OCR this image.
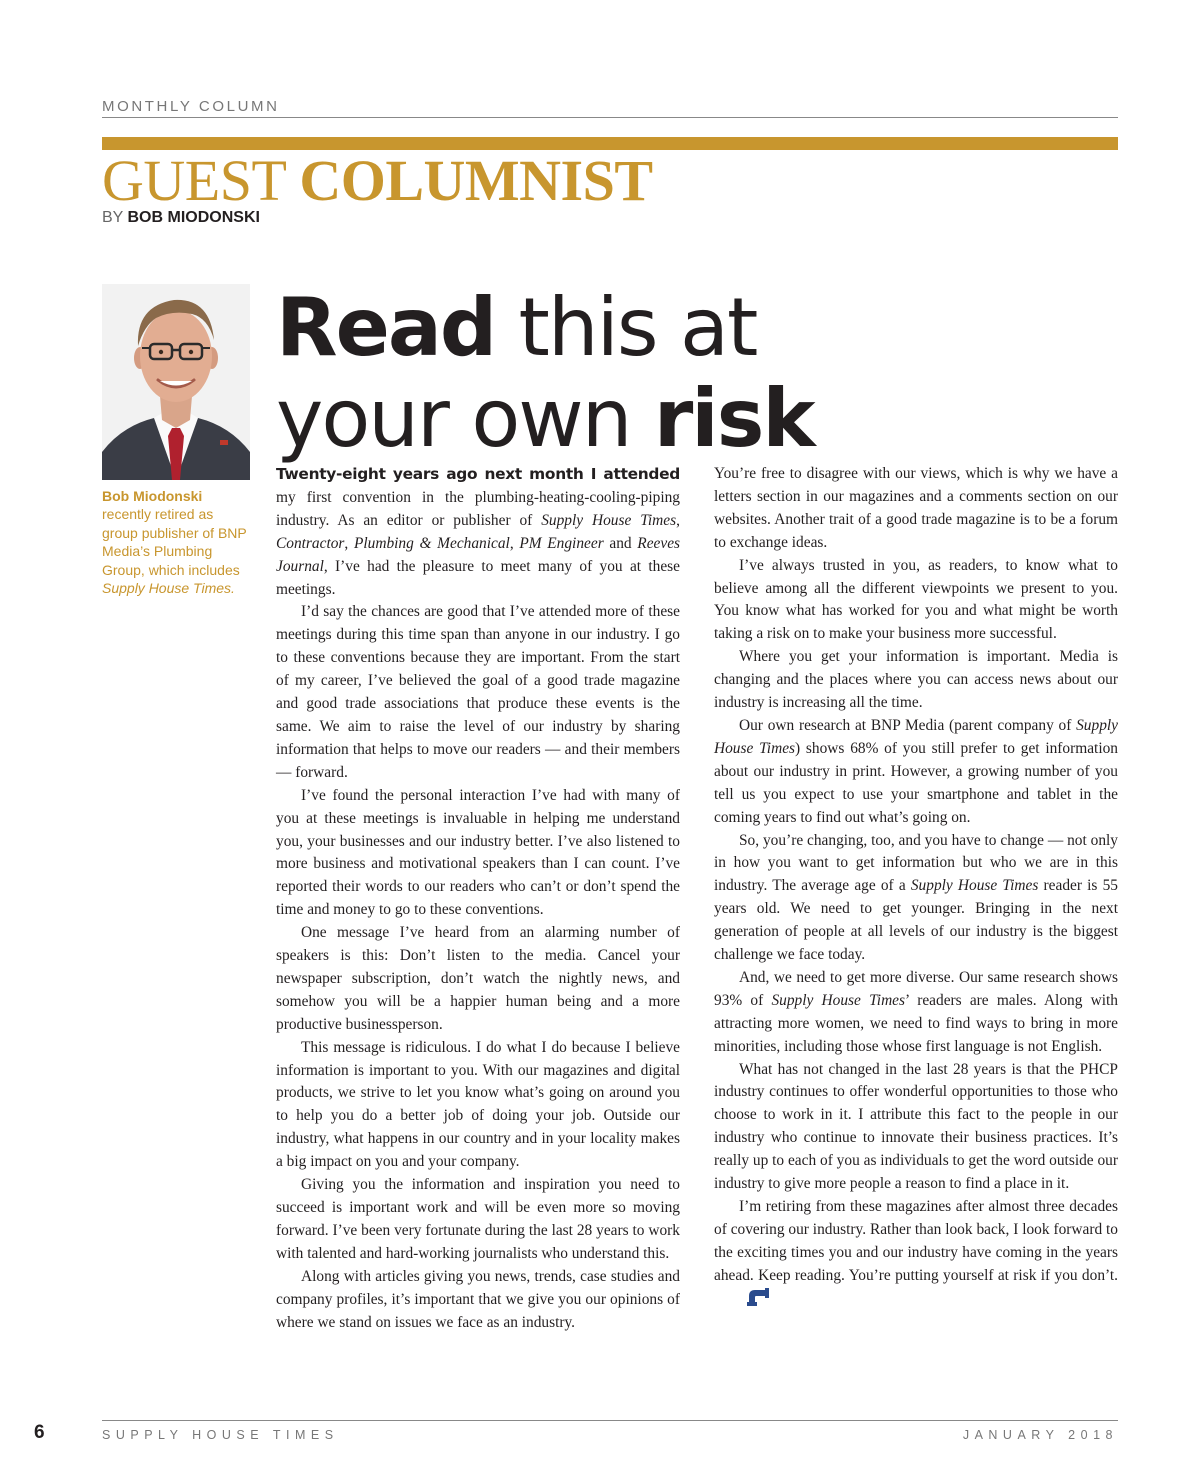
MONTHLY COLUMN
GUEST COLUMNIST
BY BOB MIODONSKI
Bob Miodonski recently retired as group publisher of BNP Media’s Plumbing Group, which includes Supply House Times.
Read this at
your own risk

Twenty-eight years ago next month I attended my first convention in the plumbing-heating-cooling-piping industry. As an editor or publisher of Supply House Times, Contractor, Plumbing & Mechanical, PM Engineer and Reeves Journal, I’ve had the pleasure to meet many of you at these meetings.

I’d say the chances are good that I’ve attended more of these meetings during this time span than anyone in our industry. I go to these conventions because they are important. From the start of my career, I’ve believed the goal of a good trade magazine and good trade associations that produce these events is the same. We aim to raise the level of our industry by sharing information that helps to move our readers — and their members — forward.

I’ve found the personal interaction I’ve had with many of you at these meetings is invaluable in helping me understand you, your businesses and our industry better. I’ve also listened to more business and motivational speakers than I can count. I’ve reported their words to our readers who can’t or don’t spend the time and money to go to these conventions.

One message I’ve heard from an alarming number of speakers is this: Don’t listen to the media. Cancel your newspaper subscription, don’t watch the nightly news, and somehow you will be a happier human being and a more productive businessperson.

This message is ridiculous. I do what I do because I believe information is important to you. With our magazines and digital products, we strive to let you know what’s going on around you to help you do a better job of doing your job. Outside our industry, what happens in our country and in your locality makes a big impact on you and your company.

Giving you the information and inspiration you need to succeed is important work and will be even more so moving forward. I’ve been very fortunate during the last 28 years to work with talented and hard-working journalists who understand this.

Along with articles giving you news, trends, case studies and company profiles, it’s important that we give you our opinions of where we stand on issues we face as an industry.

You’re free to disagree with our views, which is why we have a letters section in our magazines and a comments section on our websites. Another trait of a good trade magazine is to be a forum to exchange ideas.

I’ve always trusted in you, as readers, to know what to believe among all the different viewpoints we present to you. You know what has worked for you and what might be worth taking a risk on to make your business more successful.

Where you get your information is important. Media is changing and the places where you can access news about our industry is increasing all the time.

Our own research at BNP Media (parent company of Supply House Times) shows 68% of you still prefer to get information about our industry in print. However, a growing number of you tell us you expect to use your smartphone and tablet in the coming years to find out what’s going on.

So, you’re changing, too, and you have to change — not only in how you want to get information but who we are in this industry. The average age of a Supply House Times reader is 55 years old. We need to get younger. Bringing in the next generation of people at all levels of our industry is the biggest challenge we face today.

And, we need to get more diverse. Our same research shows 93% of Supply House Times’ readers are males. Along with attracting more women, we need to find ways to bring in more minorities, including those whose first language is not English.

What has not changed in the last 28 years is that the PHCP industry continues to offer wonderful opportunities to those who choose to work in it. I attribute this fact to the people in our industry who continue to innovate their business practices. It’s really up to each of you as individuals to get the word outside our industry to give more people a reason to find a place in it.

I’m retiring from these magazines after almost three decades of covering our industry. Rather than look back, I look forward to the exciting times you and our industry have coming in the years ahead. Keep reading. You’re putting yourself at risk if you don’t.

6	SUPPLY HOUSE TIMES	JANUARY 2018
